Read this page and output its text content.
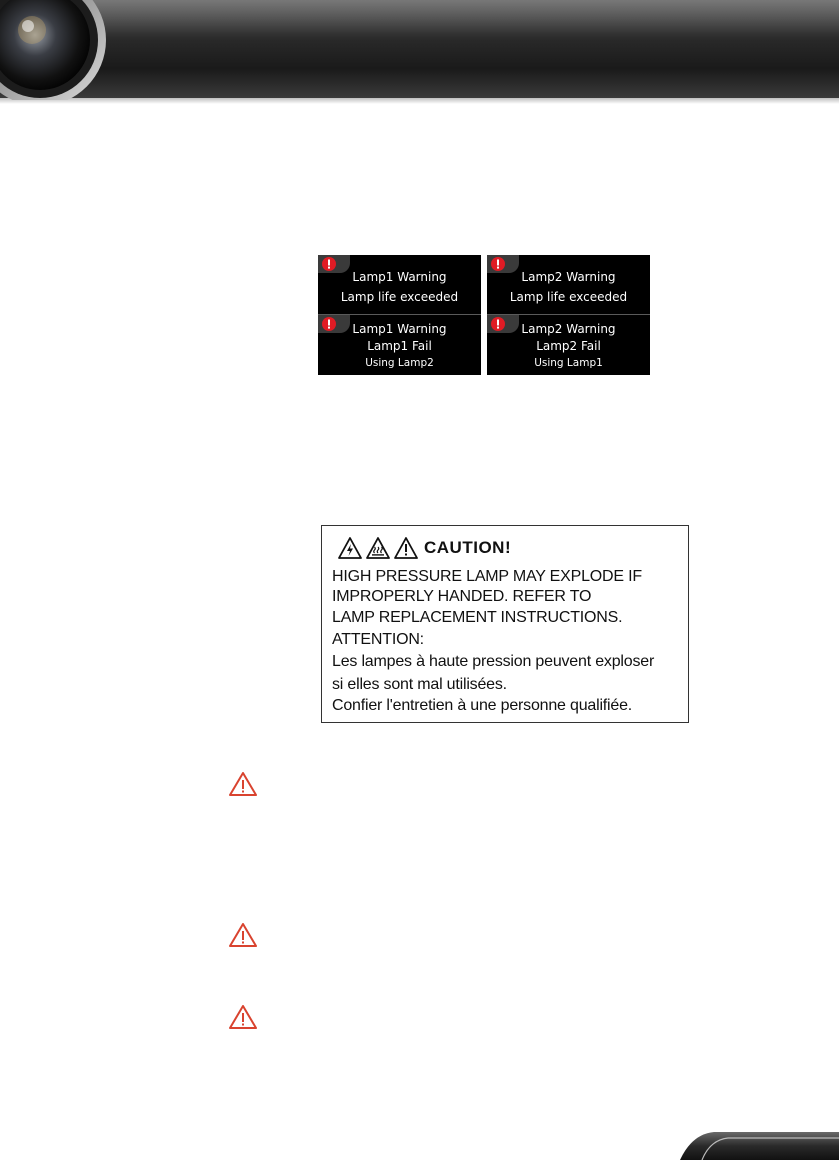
Lamp1 Warning
Lamp life exceeded
Lamp1 Warning
Lamp1 Fail
Using Lamp2
Lamp2 Warning
Lamp life exceeded
Lamp2 Warning
Lamp2 Fail
Using Lamp1
CAUTION!
HIGH PRESSURE LAMP MAY EXPLODE IF
IMPROPERLY HANDED. REFER TO
LAMP REPLACEMENT INSTRUCTIONS.
ATTENTION:
Les lampes à haute pression peuvent exploser
si elles sont mal utilisées.
Confier l'entretien à une personne qualifiée.
